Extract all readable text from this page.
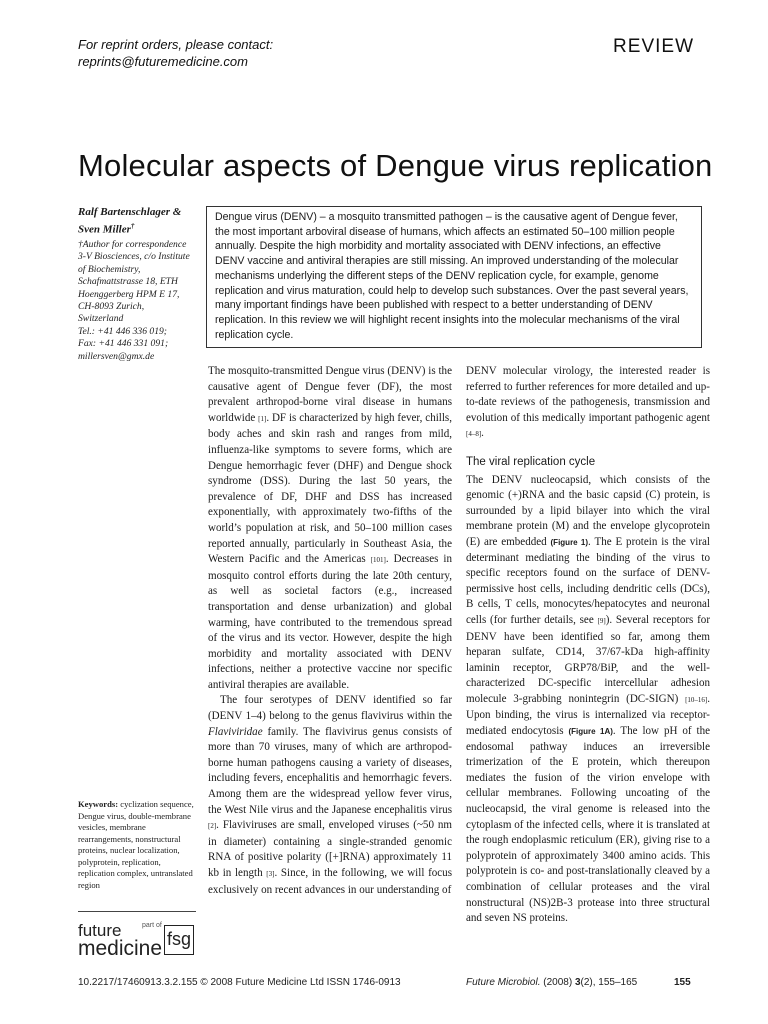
For reprint orders, please contact:
reprints@futuremedicine.com
REVIEW
Molecular aspects of Dengue virus replication
Ralf Bartenschlager &
Sven Miller†
†Author for correspondence
3-V Biosciences, c/o Institute
of Biochemistry,
Schafmattstrasse 18, ETH
Hoenggerberg HPM E 17,
CH-8093 Zurich,
Switzerland
Tel.: +41 446 336 019;
Fax: +41 446 331 091;
millersven@gmx.de
Dengue virus (DENV) – a mosquito transmitted pathogen – is the causative agent of Dengue fever, the most important arboviral disease of humans, which affects an estimated 50–100 million people annually. Despite the high morbidity and mortality associated with DENV infections, an effective DENV vaccine and antiviral therapies are still missing. An improved understanding of the molecular mechanisms underlying the different steps of the DENV replication cycle, for example, genome replication and virus maturation, could help to develop such substances. Over the past several years, many important findings have been published with respect to a better understanding of DENV replication. In this review we will highlight recent insights into the molecular mechanisms of the viral replication cycle.

The mosquito-transmitted Dengue virus (DENV) is the causative agent of Dengue fever (DF), the most prevalent arthropod-borne viral disease in humans worldwide [1]. DF is characterized by high fever, chills, body aches and skin rash and ranges from mild, influenza-like symptoms to severe forms, which are Dengue hemorrhagic fever (DHF) and Dengue shock syndrome (DSS). During the last 50 years, the prevalence of DF, DHF and DSS has increased exponentially, with approximately two-fifths of the world’s population at risk, and 50–100 million cases reported annually, particularly in Southeast Asia, the Western Pacific and the Americas [101]. Decreases in mosquito control efforts during the late 20th century, as well as societal factors (e.g., increased transportation and dense urbanization) and global warming, have contributed to the tremendous spread of the virus and its vector. However, despite the high morbidity and mortality associated with DENV infections, neither a protective vaccine nor specific antiviral therapies are available.

The four serotypes of DENV identified so far (DENV 1–4) belong to the genus flavivirus within the Flaviviridae family. The flavivirus genus consists of more than 70 viruses, many of which are arthropod-borne human pathogens causing a variety of diseases, including fevers, encephalitis and hemorrhagic fevers. Among them are the widespread yellow fever virus, the West Nile virus and the Japanese encephalitis virus [2]. Flaviviruses are small, enveloped viruses (~50 nm in diameter) containing a single-stranded genomic RNA of positive polarity ([+]RNA) approximately 11 kb in length [3]. Since, in the following, we will focus exclusively on recent advances in our understanding of

DENV molecular virology, the interested reader is referred to further references for more detailed and up-to-date reviews of the pathogenesis, transmission and evolution of this medically important pathogenic agent [4–8].

The viral replication cycle

The DENV nucleocapsid, which consists of the genomic (+)RNA and the basic capsid (C) protein, is surrounded by a lipid bilayer into which the viral membrane protein (M) and the envelope glycoprotein (E) are embedded (Figure 1). The E protein is the viral determinant mediating the binding of the virus to specific receptors found on the surface of DENV-permissive host cells, including dendritic cells (DCs), B cells, T cells, monocytes/hepatocytes and neuronal cells (for further details, see [9]). Several receptors for DENV have been identified so far, among them heparan sulfate, CD14, 37/67-kDa high-affinity laminin receptor, GRP78/BiP, and the well-characterized DC-specific intercellular adhesion molecule 3-grabbing nonintegrin (DC-SIGN) [10–16]. Upon binding, the virus is internalized via receptor-mediated endocytosis (Figure 1A). The low pH of the endosomal pathway induces an irreversible trimerization of the E protein, which thereupon mediates the fusion of the virion envelope with cellular membranes. Following uncoating of the nucleocapsid, the viral genome is released into the cytoplasm of the infected cells, where it is translated at the rough endoplasmic reticulum (ER), giving rise to a polyprotein of approximately 3400 amino acids. This polyprotein is co- and post-translationally cleaved by a combination of cellular proteases and the viral nonstructural (NS)2B-3 protease into three structural and seven NS proteins.

Keywords: cyclization sequence, Dengue virus, double-membrane vesicles, membrane rearrangements, nonstructural proteins, nuclear localization, polyprotein, replication, replication complex, untranslated region
future
medicine
part of
fsg
10.2217/17460913.3.2.155 © 2008 Future Medicine Ltd ISSN 1746-0913	Future Microbiol. (2008) 3(2), 155–165	155
